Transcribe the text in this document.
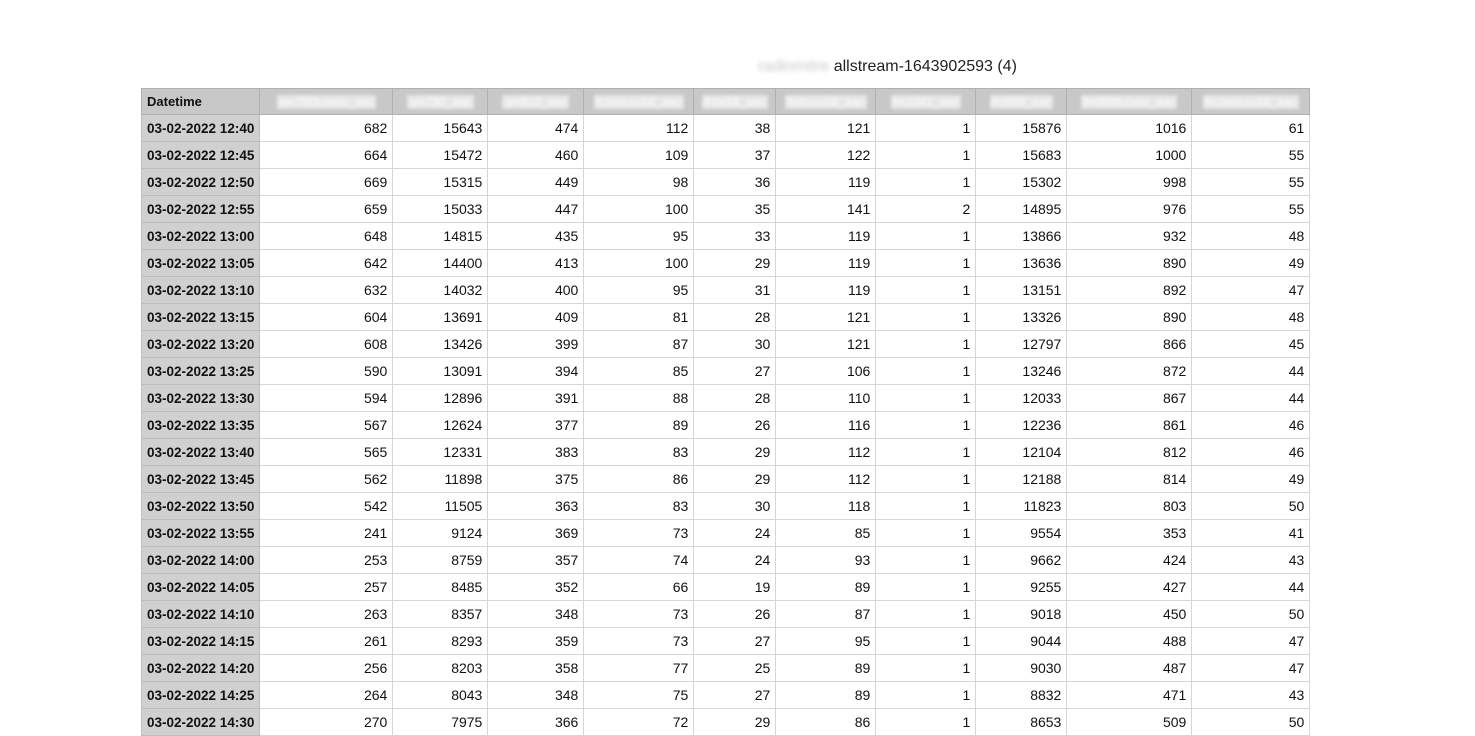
radiomitre allstream-1643902593 (4)
Datetime	am790tunein_aac	am790_aac	am810_aac	fclasicos56_aac	fhits58_aac	flatinos56_aac	fm1041_aac	fm999_aac	fm999tunein_aac	fnclasicos56_aac
03-02-2022 12:40	682	15643	474	112	38	121	1	15876	1016	61
03-02-2022 12:45	664	15472	460	109	37	122	1	15683	1000	55
03-02-2022 12:50	669	15315	449	98	36	119	1	15302	998	55
03-02-2022 12:55	659	15033	447	100	35	141	2	14895	976	55
03-02-2022 13:00	648	14815	435	95	33	119	1	13866	932	48
03-02-2022 13:05	642	14400	413	100	29	119	1	13636	890	49
03-02-2022 13:10	632	14032	400	95	31	119	1	13151	892	47
03-02-2022 13:15	604	13691	409	81	28	121	1	13326	890	48
03-02-2022 13:20	608	13426	399	87	30	121	1	12797	866	45
03-02-2022 13:25	590	13091	394	85	27	106	1	13246	872	44
03-02-2022 13:30	594	12896	391	88	28	110	1	12033	867	44
03-02-2022 13:35	567	12624	377	89	26	116	1	12236	861	46
03-02-2022 13:40	565	12331	383	83	29	112	1	12104	812	46
03-02-2022 13:45	562	11898	375	86	29	112	1	12188	814	49
03-02-2022 13:50	542	11505	363	83	30	118	1	11823	803	50
03-02-2022 13:55	241	9124	369	73	24	85	1	9554	353	41
03-02-2022 14:00	253	8759	357	74	24	93	1	9662	424	43
03-02-2022 14:05	257	8485	352	66	19	89	1	9255	427	44
03-02-2022 14:10	263	8357	348	73	26	87	1	9018	450	50
03-02-2022 14:15	261	8293	359	73	27	95	1	9044	488	47
03-02-2022 14:20	256	8203	358	77	25	89	1	9030	487	47
03-02-2022 14:25	264	8043	348	75	27	89	1	8832	471	43
03-02-2022 14:30	270	7975	366	72	29	86	1	8653	509	50
